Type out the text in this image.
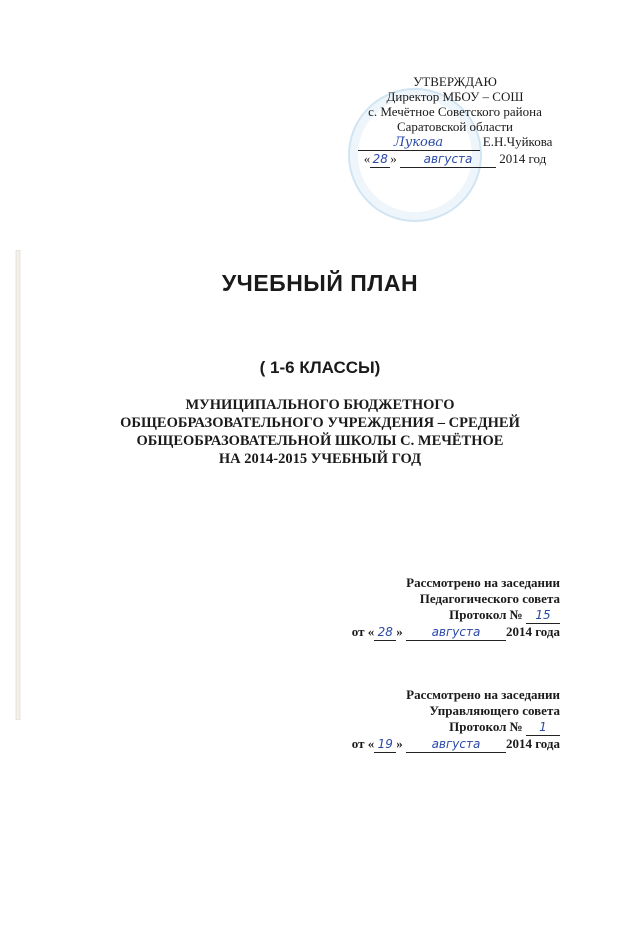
УТВЕРЖДАЮ
Директор МБОУ – СОШ
с. Мечётное Советского района
Саратовской области
Лукова	Е.Н.Чуйкова
« 28 » августа 2014 год
УЧЕБНЫЙ ПЛАН
( 1-6 КЛАССЫ)
МУНИЦИПАЛЬНОГО БЮДЖЕТНОГО
ОБЩЕОБРАЗОВАТЕЛЬНОГО УЧРЕЖДЕНИЯ – СРЕДНЕЙ
ОБЩЕОБРАЗОВАТЕЛЬНОЙ ШКОЛЫ С. МЕЧЁТНОЕ
НА 2014-2015 УЧЕБНЫЙ ГОД
Рассмотрено на заседании
Педагогического совета
Протокол № 15
от « 28 » августа 2014 года
Рассмотрено на заседании
Управляющего совета
Протокол № 1
от « 19 » августа 2014 года
